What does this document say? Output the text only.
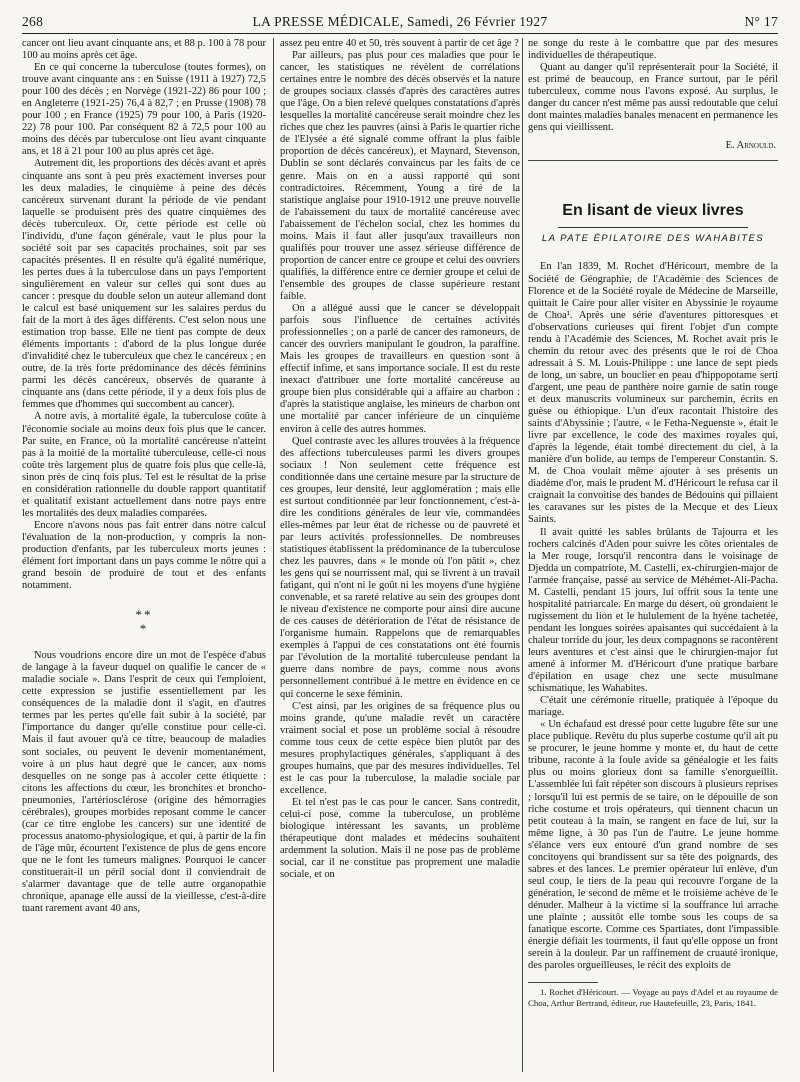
268	LA PRESSE MÉDICALE, Samedi, 26 Février 1927	N° 17

cancer ont lieu avant cinquante ans, et 88 p. 100 à 78 pour 100 au moins après cet âge.

En ce qui concerne la tuberculose (toutes formes), on trouve avant cinquante ans : en Suisse (1911 à 1927) 72,5 pour 100 des décès ; en Norvège (1921-22) 86 pour 100 ; en Angleterre (1921-25) 76,4 à 82,7 ; en Prusse (1908) 78 pour 100 ; en France (1925) 79 pour 100, à Paris (1920-22) 78 pour 100. Par conséquent 82 à 72,5 pour 100 au moins des décès par tuberculose ont lieu avant cinquante ans, et 18 à 21 pour 100 au plus après cet âge.

Autrement dit, les proportions des décès avant et après cinquante ans sont à peu près exactement inverses pour les deux maladies, le cinquième à peine des décès cancéreux survenant durant la période de vie pendant laquelle se produisent près des quatre cinquièmes des décès tuberculeux. Or, cette période est celle où l'individu, d'une façon générale, vaut le plus pour la société soit par ses capacités prochaines, soit par ses capacités présentes. Il en résulte qu'à égalité numérique, les pertes dues à la tuberculose dans un pays l'emportent singulièrement en valeur sur celles qui sont dues au cancer : presque du double selon un auteur allemand dont le calcul est basé uniquement sur les salaires perdus du fait de la mort à des âges différents. C'est selon nous une estimation trop basse. Elle ne tient pas compte de deux éléments importants : d'abord de la plus longue durée d'invalidité chez le tuberculeux que chez le cancéreux ; en outre, de la très forte prédominance des décès féminins parmi les décès cancéreux, observés de quarante à cinquante ans (dans cette période, il y a deux fois plus de femmes que d'hommes qui succombent au cancer).

A notre avis, à mortalité égale, la tuberculose coûte à l'économie sociale au moins deux fois plus que le cancer. Par suite, en France, où la mortalité cancéreuse n'atteint pas à la moitié de la mortalité tuberculeuse, celle-ci nous coûte très largement plus de quatre fois plus que celle-là, sinon près de cinq fois plus. Tel est le résultat de la prise en considération rationnelle du double rapport quantitatif et qualitatif existant actuellement dans notre pays entre les mortalités des deux maladies comparées.

Encore n'avons nous pas fait entrer dans notre calcul l'évaluation de la non-production, y compris la non-production d'enfants, par les tuberculeux morts jeunes : élément fort important dans un pays comme le nôtre qui a grand besoin de produire de tout et des enfants notamment.

**
*

Nous voudrions encore dire un mot de l'espèce d'abus de langage à la faveur duquel on qualifie le cancer de « maladie sociale ». Dans l'esprit de ceux qui l'emploient, cette expression se justifie essentiellement par les conséquences de la maladie dont il s'agit, en d'autres termes par les pertes qu'elle fait subir à la société, par l'importance du danger qu'elle constitue pour celle-ci. Mais il faut avouer qu'à ce titre, beaucoup de maladies sont sociales, ou peuvent le devenir momentanément, voire à un plus haut degré que le cancer, aux noms desquelles on ne songe pas à accoler cette étiquette : citons les affections du cœur, les bronchites et broncho-pneumonies, l'artériosclérose (origine des hémorragies cérébrales), groupes morbides reposant comme le cancer (car ce titre englobe les cancers) sur une identité de processus anatomo-physiologique, et qui, à partir de la fin de l'âge mûr, écourtent l'existence de plus de gens encore que ne le font les tumeurs malignes. Pourquoi le cancer constituerait-il un péril social dont il conviendrait de s'alarmer davantage que de telle autre organopathie chronique, apanage elle aussi de la vieillesse, c'est-à-dire tuant rarement avant 40 ans,

assez peu entre 40 et 50, très souvent à partir de cet âge ?

Par ailleurs, pas plus pour ces maladies que pour le cancer, les statistiques ne révèlent de corrélations certaines entre le nombre des décès observés et la nature de groupes sociaux classés d'après des caractères autres que l'âge. On a bien relevé quelques constatations d'après lesquelles la mortalité cancéreuse serait moindre chez les riches que chez les pauvres (ainsi à Paris le quartier riche de l'Elysée a été signalé comme offrant la plus faible proportion de décès cancéreux), et Maynard, Stevenson, Dublin se sont déclarés convaincus par les faits de ce genre. Mais on en a aussi rapporté qui sont contradictoires. Récemment, Young a tiré de la statistique anglaise pour 1910-1912 une preuve nouvelle de l'abaissement du taux de mortalité cancéreuse avec l'abaissement de l'échelon social, chez les hommes du moins. Mais il faut aller jusqu'aux travailleurs non qualifiés pour trouver une assez sérieuse différence de proportion de cancer entre ce groupe et celui des ouvriers qualifiés, la différence entre ce dernier groupe et celui de l'ensemble des groupes de classe supérieure restant faible.

On a allégué aussi que le cancer se développait parfois sous l'influence de certaines activités professionnelles ; on a parlé de cancer des ramoneurs, de cancer des ouvriers manipulant le goudron, la paraffine. Mais les groupes de travailleurs en question sont à effectif infime, et sans importance sociale. Il est du reste inexact d'attribuer une forte mortalité cancéreuse au groupe bien plus considérable qui a affaire au charbon : d'après la statistique anglaise, les mineurs de charbon ont une mortalité par cancer inférieure de un cinquième environ à celle des autres hommes.

Quel contraste avec les allures trouvées à la fréquence des affections tuberculeuses parmi les divers groupes sociaux ! Non seulement cette fréquence est conditionnée dans une certaine mesure par la structure de ces groupes, leur densité, leur agglomération ; mais elle est surtout conditionnée par leur fonctionnement, c'est-à-dire les conditions générales de leur vie, commandées elles-mêmes par leur état de richesse ou de pauvreté et par leurs activités professionnelles. De nombreuses statistiques établissent la prédominance de la tuberculose chez les pauvres, dans « le monde où l'on pâtit », chez les gens qui se nourrissent mal, qui se livrent à un travail fatigant, qui n'ont ni le goût ni les moyens d'une hygiène convenable, et sa rareté relative au sein des groupes dont le niveau d'existence ne comporte pour ainsi dire aucune de ces causes de détérioration de l'état de résistance de l'organisme humain. Rappelons que de remarquables exemples à l'appui de ces constatations ont été fournis par l'évolution de la mortalité tuberculeuse pendant la guerre dans nombre de pays, comme nous avons personnellement contribué à le mettre en évidence en ce qui concerne le sexe féminin.

C'est ainsi, par les origines de sa fréquence plus ou moins grande, qu'une maladie revêt un caractère vraiment social et pose un problème social à résoudre comme tous ceux de cette espèce bien plutôt par des mesures prophylactiques générales, s'appliquant à des groupes humains, que par des mesures individuelles. Tel est le cas pour la tuberculose, la maladie sociale par excellence.

Et tel n'est pas le cas pour le cancer. Sans contredit, celui-ci pose, comme la tuberculose, un problème biologique intéressant les savants, un problème thérapeutique dont malades et médecins souhaitent ardemment la solution. Mais il ne pose pas de problème social, car il ne constitue pas proprement une maladie sociale, et on

ne songe du reste à le combattre que par des mesures individuelles de thérapeutique.

Quant au danger qu'il représenterait pour la Société, il est primé de beaucoup, en France surtout, par le péril tuberculeux, comme nous l'avons exposé. Au surplus, le danger du cancer n'est même pas aussi redoutable que celui dont maintes maladies banales menacent en permanence les gens qui vieillissent.

E. Arnould.
En lisant de vieux livres
LA PATE ÉPILATOIRE DES WAHABITES

En l'an 1839, M. Rochet d'Héricourt, membre de la Société de Géographie, de l'Académie des Sciences de Florence et de la Société royale de Médecine de Marseille, quittait le Caire pour aller visiter en Abyssinie le royaume de Choa¹. Après une série d'aventures pittoresques et d'observations curieuses qui firent l'objet d'un compte rendu à l'Académie des Sciences, M. Rochet avait pris le chemin du retour avec des présents que le roi de Choa adressait à S. M. Louis-Philippe : une lance de sept pieds de long, un sabre, un bouclier en peau d'hippopotame serti d'argent, une peau de panthère noire garnie de satin rouge et deux manuscrits volumineux sur parchemin, écrits en guèse ou éthiopique. L'un d'eux racontait l'histoire des saints d'Abyssinie ; l'autre, « le Fetha-Neguenste », était le livre par excellence, le code des maximes royales qui, d'après la légende, était tombé directement du ciel, à la manière d'un bolide, au temps de l'empereur Constantin. S. M. de Choa voulait même ajouter à ses présents un diadème d'or, mais le prudent M. d'Héricourt le refusa car il craignait la convoitise des bandes de Bédouins qui pillaient les caravanes sur les pistes de la Mecque et des Lieux Saints.

Il avait quitté les sables brûlants de Tajourra et les rochers calcinés d'Aden pour suivre les côtes orientales de la Mer rouge, lorsqu'il rencontra dans le voisinage de Djedda un compatriote, M. Castelli, ex-chirurgien-major de l'armée française, passé au service de Méhémet-Ali-Pacha. M. Castelli, pendant 15 jours, lui offrit sous la tente une hospitalité patriarcale. En marge du désert, où grondaient le rugissement du lion et le hululement de la hyène tachetée, pendant les longues soirées apaisantes qui succédaient à la chaleur torride du jour, les deux compagnons se racontèrent leurs aventures et c'est ainsi que le chirurgien-major fut amené à informer M. d'Héricourt d'une pratique barbare d'épilation en usage chez une secte musulmane schismatique, les Wahabites.

C'était une cérémonie rituelle, pratiquée à l'époque du mariage.

« Un échafaud est dressé pour cette lugubre fête sur une place publique. Revêtu du plus superbe costume qu'il ait pu se procurer, le jeune homme y monte et, du haut de cette tribune, raconte à la foule avide sa généalogie et les faits plus ou moins glorieux dont sa famille s'enorgueillit. L'assemblée lui fait répéter son discours à plusieurs reprises ; lorsqu'il lui est permis de se taire, on le dépouille de son riche costume et trois opérateurs, qui tiennent chacun un petit couteau à la main, se rangent en face de lui, sur la même ligne, à 30 pas l'un de l'autre. Le jeune homme s'élance vers eux entouré d'un grand nombre de ses concitoyens qui brandissent sur sa tête des poignards, des sabres et des lances. Le premier opérateur lui enlève, d'un seul coup, le tiers de la peau qui recouvre l'organe de la génération, le second de même et le troisième achève de le dénuder. Malheur à la victime si la souffrance lui arrache une plainte ; aussitôt elle tombe sous les coups de sa fanatique escorte. Comme ces Spartiates, dont l'impassible énergie défiait les tourments, il faut qu'elle oppose un front serein à la douleur. Par un raffinement de cruauté ironique, des paroles orgueilleuses, le récit des exploits de

1. Rochet d'Héricourt. — Voyage au pays d'Adel et au royaume de Choa, Arthur Bertrand, éditeur, rue Hautefeuille, 23, Paris, 1841.
